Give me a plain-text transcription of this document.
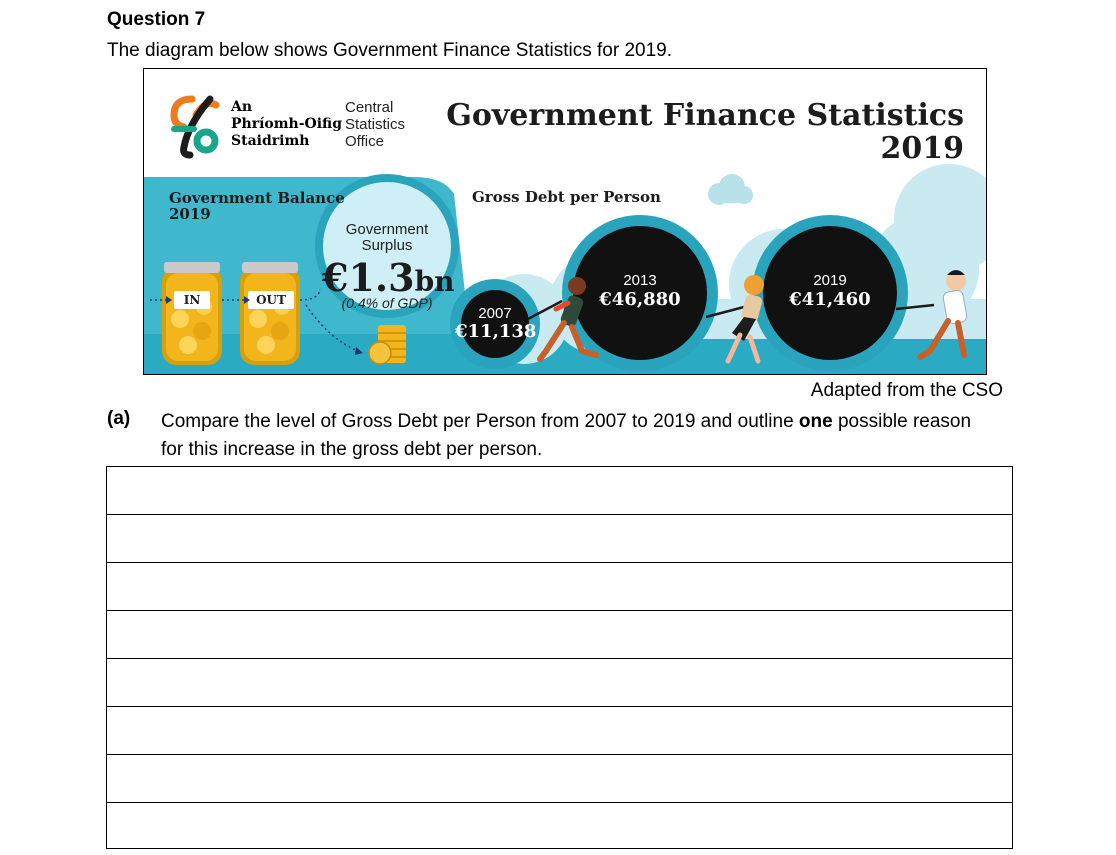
Question 7
The diagram below shows Government Finance Statistics for 2019.
An
Phríomh-Oifig
Staidrimh
Central
Statistics
Office
Government Finance Statistics
2019
Government Balance
2019
Gross Debt per Person
Government
Surplus
€1.3bn
(0.4% of GDP)
IN	OUT
2007
€11,138
2013
€46,880
2019
€41,460
Adapted from the CSO
(a) Compare the level of Gross Debt per Person from 2007 to 2019 and outline one possible reason for this increase in the gross debt per person.
